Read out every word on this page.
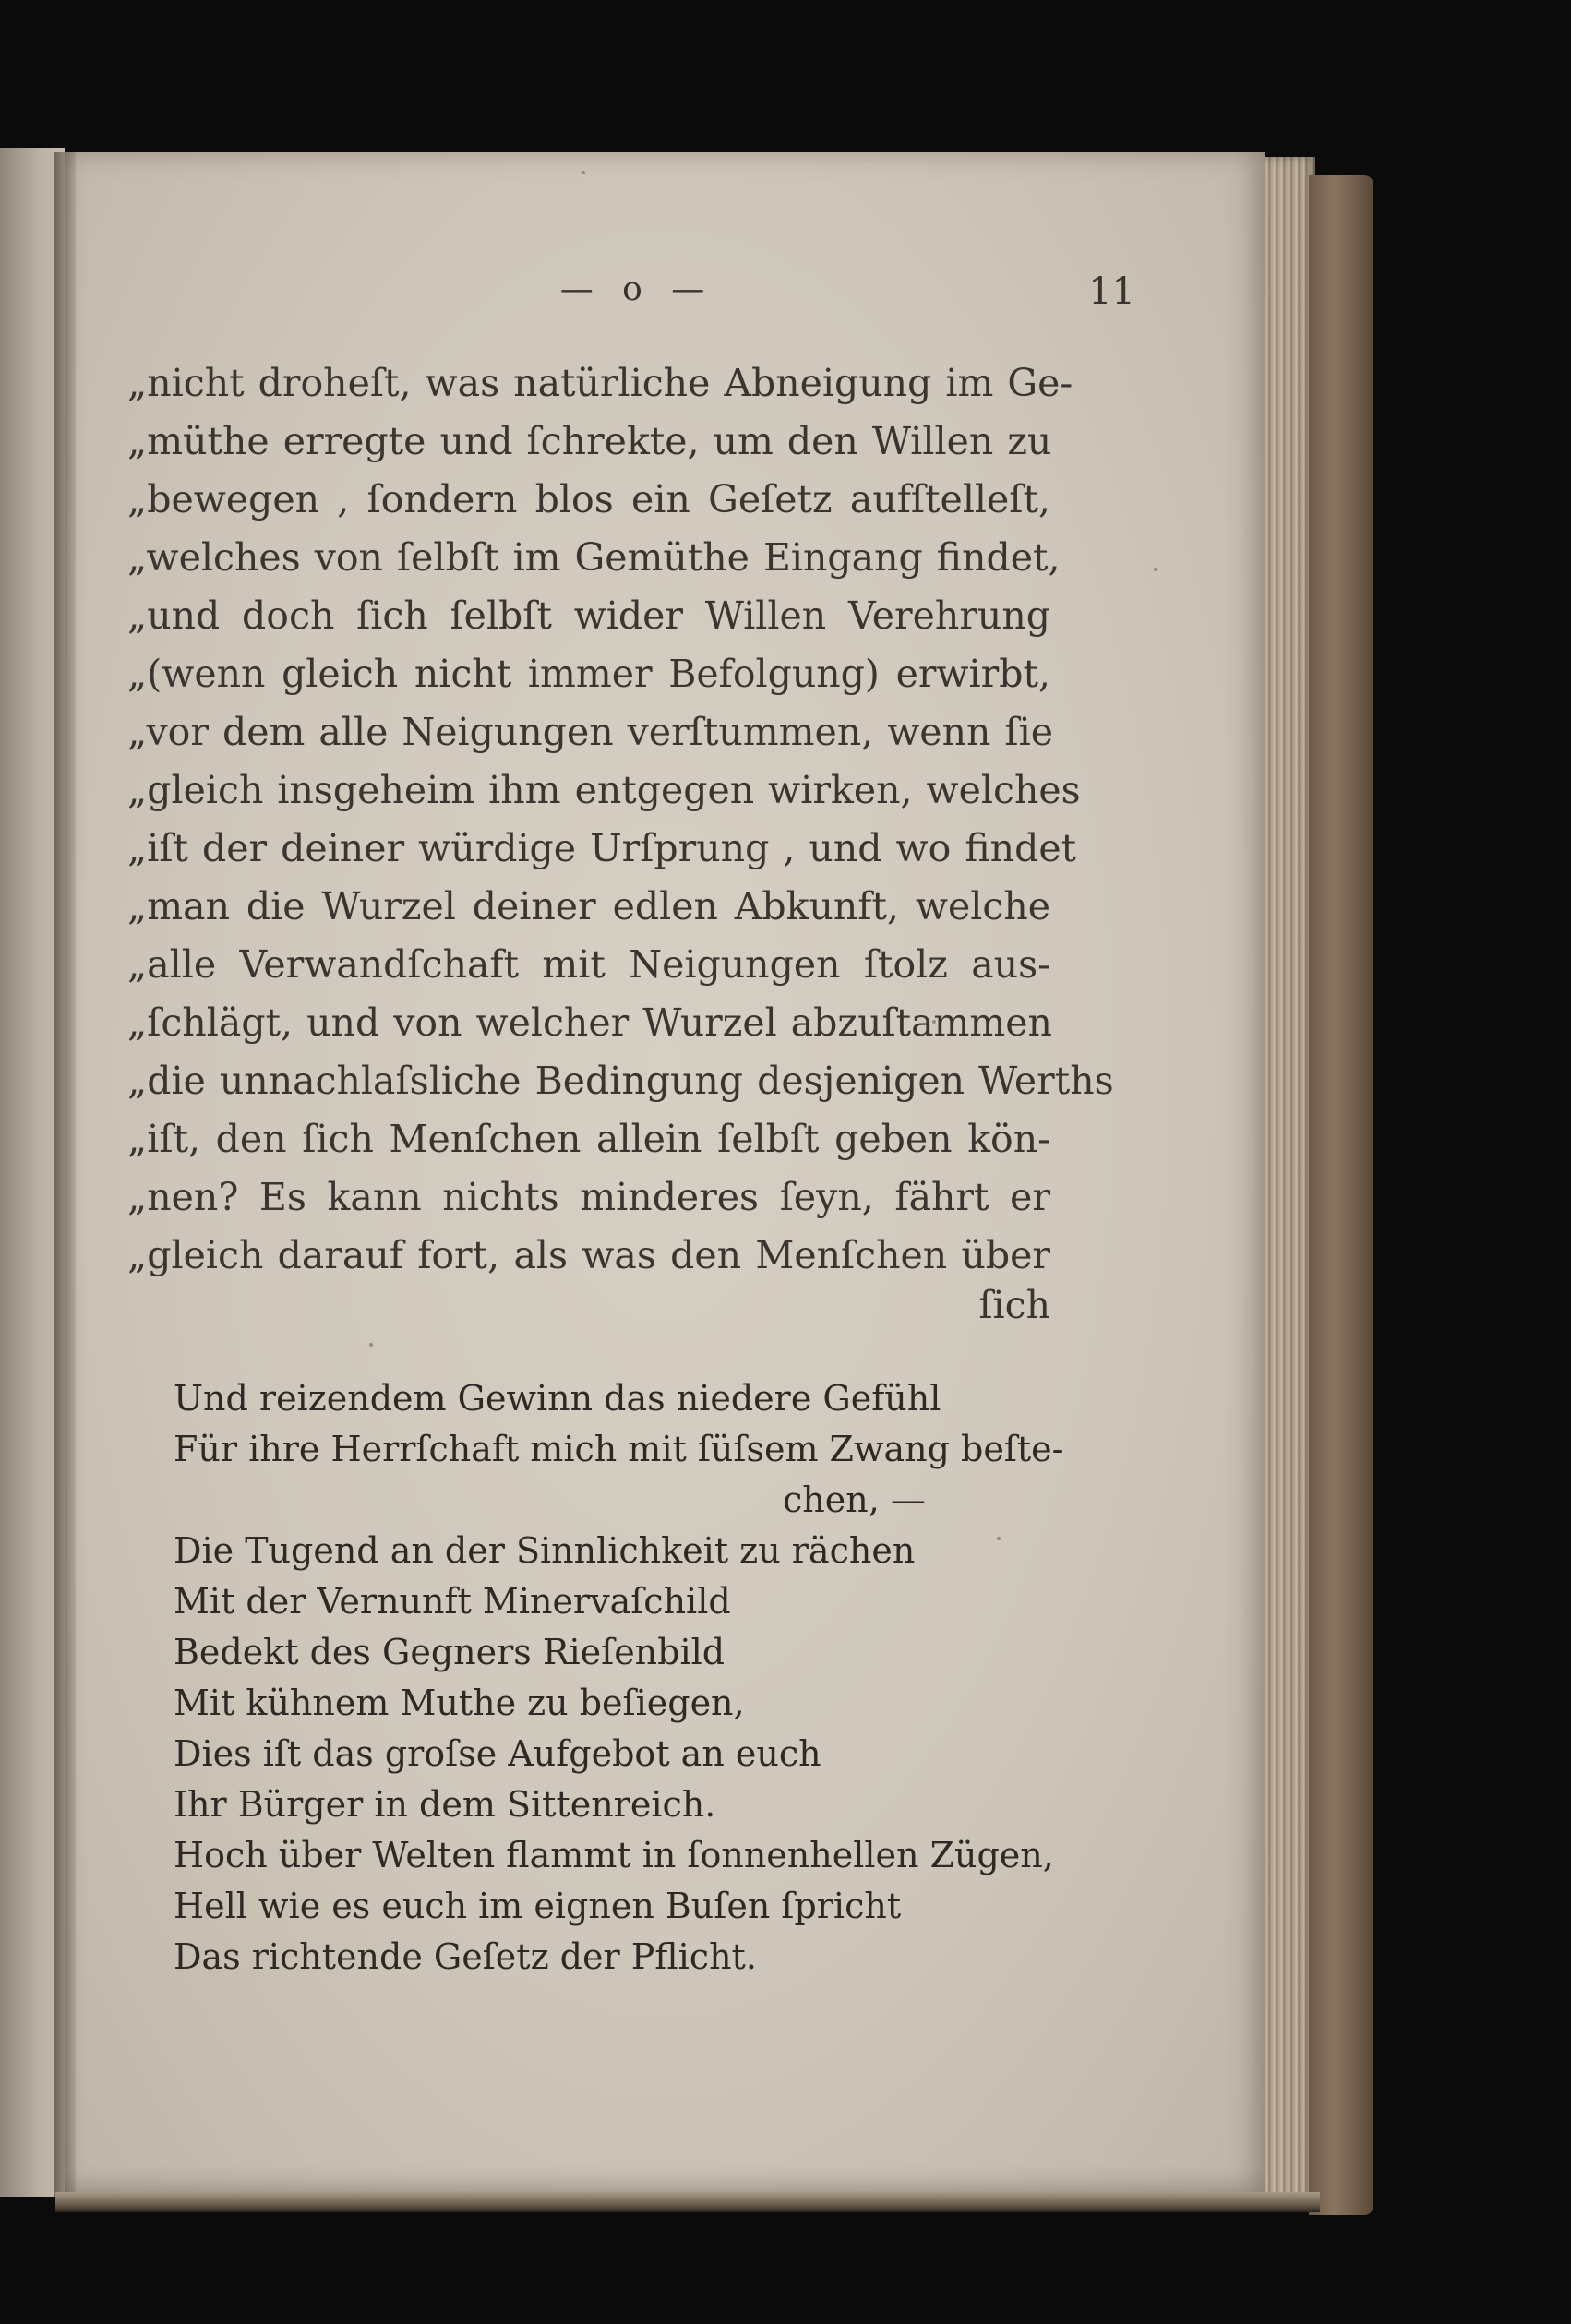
— o —	11
„nicht droheſt, was natürliche Abneigung im Ge-
„müthe erregte und ſchrekte, um den Willen zu
„bewegen , ſondern blos ein Geſetz aufſtelleſt,
„welches von ſelbſt im Gemüthe Eingang findet,
„und doch ſich ſelbſt wider Willen Verehrung
„(wenn gleich nicht immer Befolgung) erwirbt,
„vor dem alle Neigungen verſtummen, wenn ſie
„gleich insgeheim ihm entgegen wirken, welches
„iſt der deiner würdige Urſprung , und wo findet
„man die Wurzel deiner edlen Abkunft, welche
„alle Verwandſchaft mit Neigungen ſtolz aus-
„ſchlägt, und von welcher Wurzel abzuſtammen
„die unnachlaſsliche Bedingung desjenigen Werths
„iſt, den ſich Menſchen allein ſelbſt geben kön-
„nen? Es kann nichts minderes ſeyn, fährt er
„gleich darauf fort, als was den Menſchen über
ſich
Und reizendem Gewinn das niedere Gefühl
Für ihre Herrſchaft mich mit ſüſsem Zwang beſte-
chen, —
Die Tugend an der Sinnlichkeit zu rächen
Mit der Vernunft Minervaſchild
Bedekt des Gegners Rieſenbild
Mit kühnem Muthe zu beſiegen,
Dies iſt das groſse Aufgebot an euch
Ihr Bürger in dem Sittenreich.
Hoch über Welten flammt in ſonnenhellen Zügen,
Hell wie es euch im eignen Buſen ſpricht
Das richtende Geſetz der Pflicht.
